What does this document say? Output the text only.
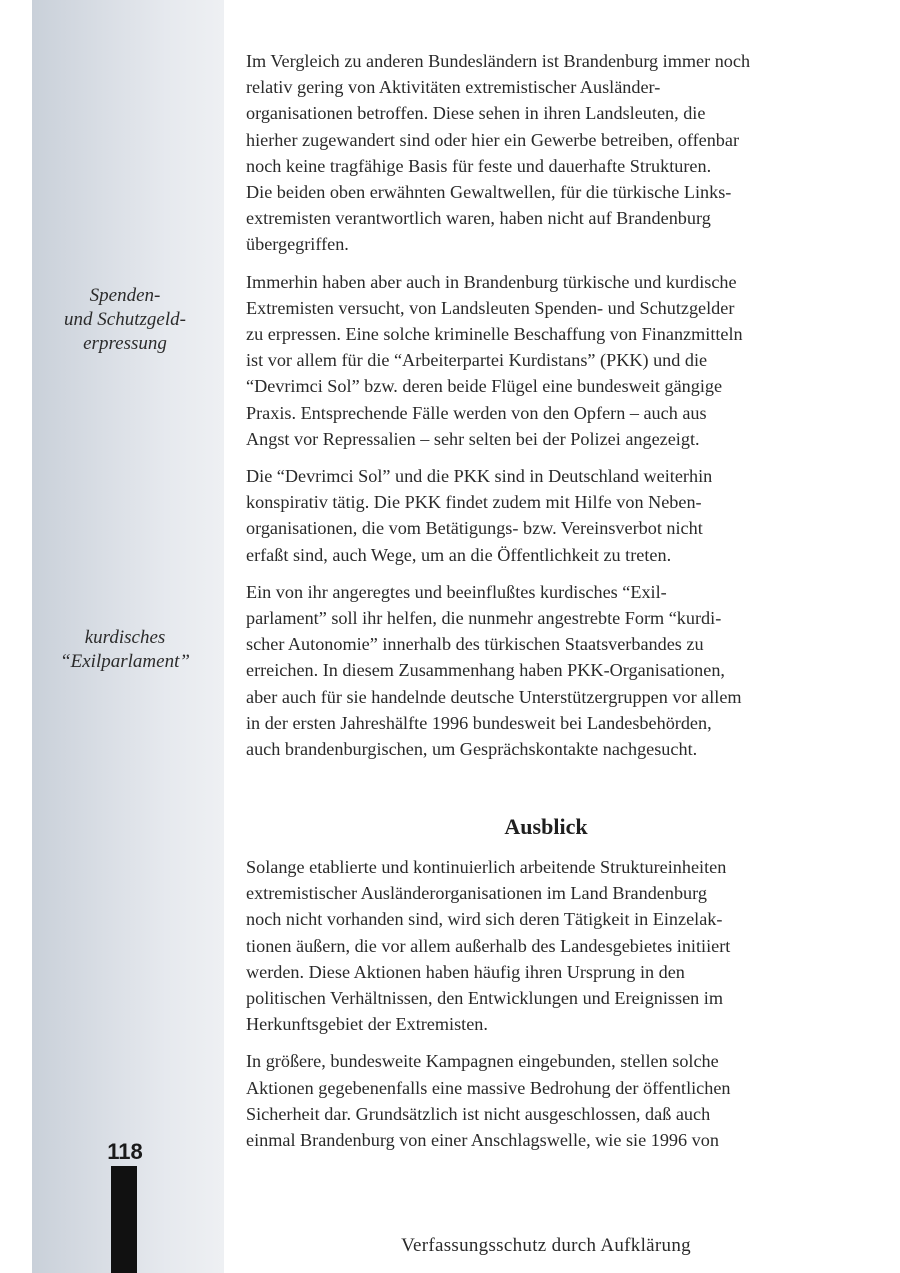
Spenden-
und Schutzgeld-
erpressung
kurdisches
“Exilparlament”

Im Vergleich zu anderen Bundesländern ist Brandenburg immer noch
relativ gering von Aktivitäten extremistischer Ausländer-
organisationen betroffen. Diese sehen in ihren Landsleuten, die
hierher zugewandert sind oder hier ein Gewerbe betreiben, offenbar
noch keine tragfähige Basis für feste und dauerhafte Strukturen.
Die beiden oben erwähnten Gewaltwellen, für die türkische Links-
extremisten verantwortlich waren, haben nicht auf Brandenburg
übergegriffen.

Immerhin haben aber auch in Brandenburg türkische und kurdische
Extremisten versucht, von Landsleuten Spenden- und Schutzgelder
zu erpressen. Eine solche kriminelle Beschaffung von Finanzmitteln
ist vor allem für die “Arbeiterpartei Kurdistans” (PKK) und die
“Devrimci Sol” bzw. deren beide Flügel eine bundesweit gängige
Praxis. Entsprechende Fälle werden von den Opfern – auch aus
Angst vor Repressalien – sehr selten bei der Polizei angezeigt.

Die “Devrimci Sol” und die PKK sind in Deutschland weiterhin
konspirativ tätig. Die PKK findet zudem mit Hilfe von Neben-
organisationen, die vom Betätigungs- bzw. Vereinsverbot nicht
erfaßt sind, auch Wege, um an die Öffentlichkeit zu treten.

Ein von ihr angeregtes und beeinflußtes kurdisches “Exil-
parlament” soll ihr helfen, die nunmehr angestrebte Form “kurdi-
scher Autonomie” innerhalb des türkischen Staatsverbandes zu
erreichen. In diesem Zusammenhang haben PKK-Organisationen,
aber auch für sie handelnde deutsche Unterstützergruppen vor allem
in der ersten Jahreshälfte 1996 bundesweit bei Landesbehörden,
auch brandenburgischen, um Gesprächskontakte nachgesucht.

Ausblick

Solange etablierte und kontinuierlich arbeitende Struktureinheiten
extremistischer Ausländerorganisationen im Land Brandenburg
noch nicht vorhanden sind, wird sich deren Tätigkeit in Einzelak-
tionen äußern, die vor allem außerhalb des Landesgebietes initiiert
werden. Diese Aktionen haben häufig ihren Ursprung in den
politischen Verhältnissen, den Entwicklungen und Ereignissen im
Herkunftsgebiet der Extremisten.

In größere, bundesweite Kampagnen eingebunden, stellen solche
Aktionen gegebenenfalls eine massive Bedrohung der öffentlichen
Sicherheit dar. Grundsätzlich ist nicht ausgeschlossen, daß auch
einmal Brandenburg von einer Anschlagswelle, wie sie 1996 von

118
Verfassungsschutz durch Aufklärung
